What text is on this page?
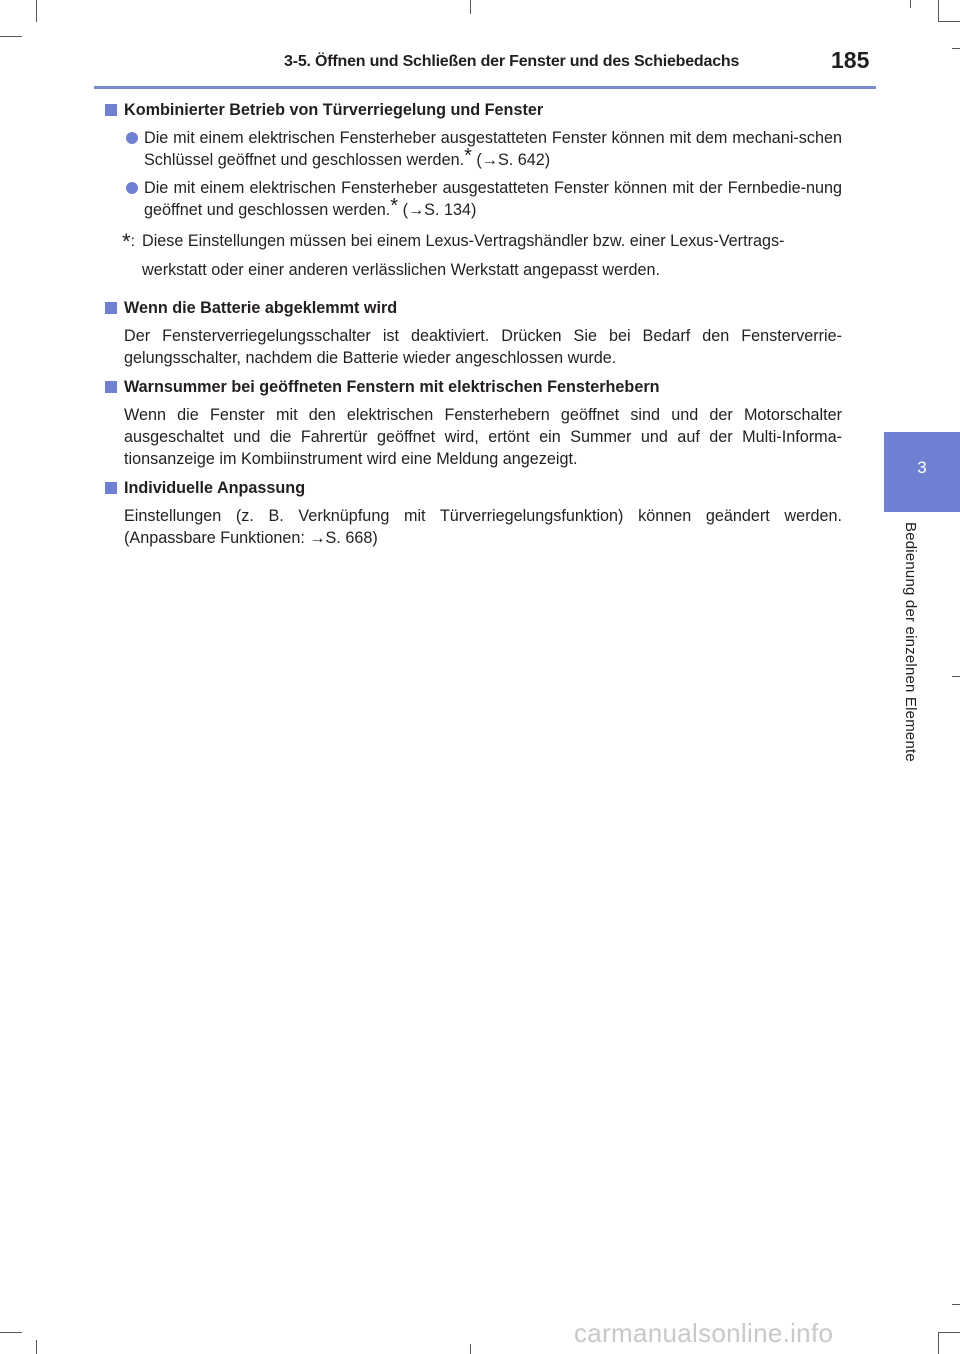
3-5. Öffnen und Schließen der Fenster und des Schiebedachs	185
3
Bedienung der einzelnen Elemente
Kombinierter Betrieb von Türverriegelung und Fenster
Die mit einem elektrischen Fensterheber ausgestatteten Fenster können mit dem mechani-schen Schlüssel geöffnet und geschlossen werden.* (→S. 642)
Die mit einem elektrischen Fensterheber ausgestatteten Fenster können mit der Fernbedie-nung geöffnet und geschlossen werden.* (→S. 134)
*: Diese Einstellungen müssen bei einem Lexus-Vertragshändler bzw. einer Lexus-Vertrags-werkstatt oder einer anderen verlässlichen Werkstatt angepasst werden.
Wenn die Batterie abgeklemmt wird
Der Fensterverriegelungsschalter ist deaktiviert. Drücken Sie bei Bedarf den Fensterverrie-gelungsschalter, nachdem die Batterie wieder angeschlossen wurde.
Warnsummer bei geöffneten Fenstern mit elektrischen Fensterhebern
Wenn die Fenster mit den elektrischen Fensterhebern geöffnet sind und der Motorschalter ausgeschaltet und die Fahrertür geöffnet wird, ertönt ein Summer und auf der Multi-Informa-tionsanzeige im Kombiinstrument wird eine Meldung angezeigt.
Individuelle Anpassung
Einstellungen (z. B. Verknüpfung mit Türverriegelungsfunktion) können geändert werden. (Anpassbare Funktionen: →S. 668)
carmanualsonline.info
